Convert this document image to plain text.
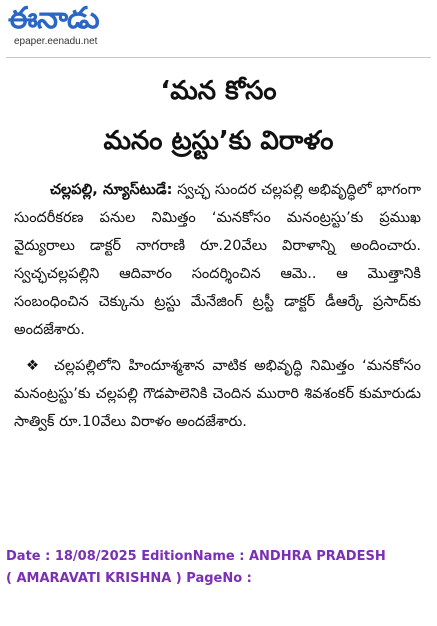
ఈనాడు
epaper.eenadu.net
‘మన కోసం
మనం ట్రస్టు’కు విరాళం

చల్లపల్లి, న్యూస్‌టుడే: స్వచ్ఛ సుందర చల్లపల్లి అభివృద్ధిలో భాగంగా సుందరీకరణ పనుల నిమిత్తం ‘మనకోసం మనంట్రస్టు’కు ప్రముఖ వైద్యురాలు డాక్టర్ నాగరాణి రూ.20వేలు విరాళాన్ని అందించారు. స్వచ్ఛచల్లపల్లిని ఆదివారం సందర్శించిన ఆమె.. ఆ మొత్తానికి సంబంధించిన చెక్కును ట్రస్టు మేనేజింగ్ ట్రస్టీ డాక్టర్ డీఆర్కే ప్రసాద్‌కు అందజేశారు.

❖ చల్లపల్లిలోని హిందూశ్మశాన వాటిక అభివృద్ధి నిమిత్తం ‘మనకోసం మనంట్రస్టు’కు చల్లపల్లి గౌడపాలెనికి చెందిన మురారి శివశంకర్ కుమారుడు సాత్విక్ రూ.10వేలు విరాళం అందజేశారు.

Date : 18/08/2025 EditionName : ANDHRA PRADESH
( AMARAVATI KRISHNA ) PageNo :
